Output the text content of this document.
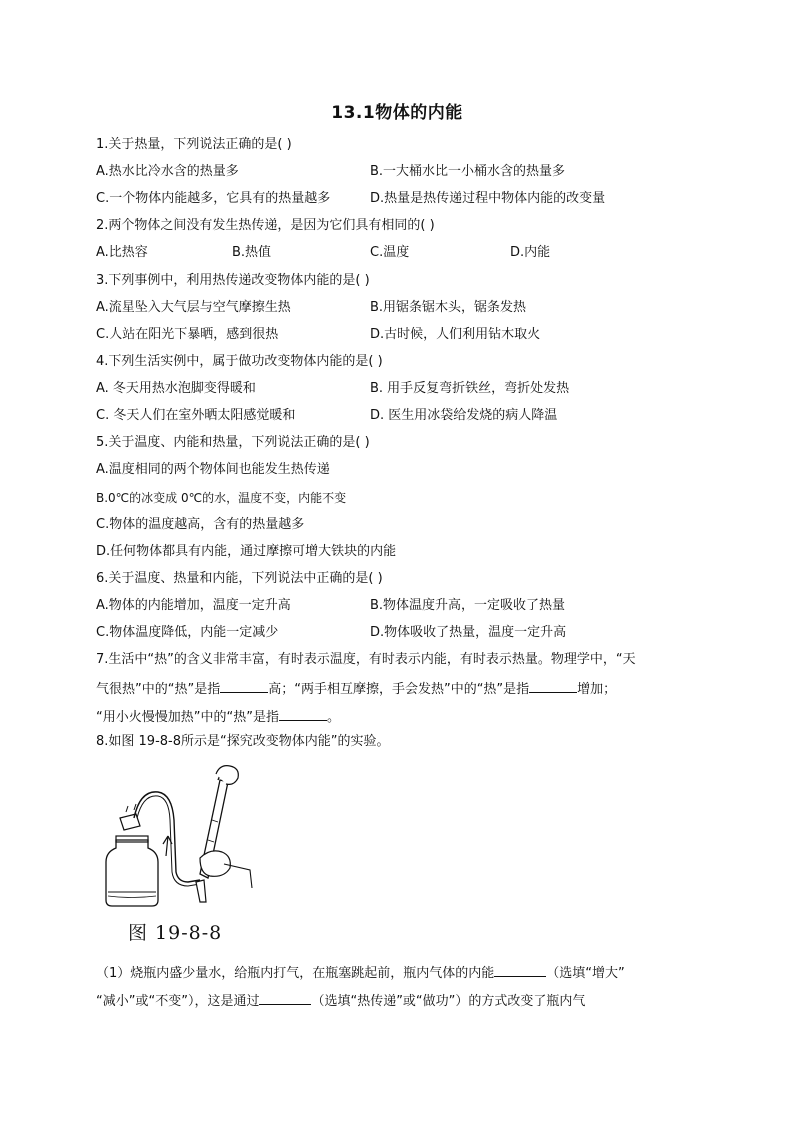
13.1物体的内能
1.关于热量，下列说法正确的是( )
A.热水比冷水含的热量多	B.一大桶水比一小桶水含的热量多
C.一个物体内能越多，它具有的热量越多	D.热量是热传递过程中物体内能的改变量
2.两个物体之间没有发生热传递，是因为它们具有相同的( )
A.比热容	B.热值	C.温度	D.内能
3.下列事例中，利用热传递改变物体内能的是( )
A.流星坠入大气层与空气摩擦生热	B.用锯条锯木头，锯条发热
C.人站在阳光下暴晒，感到很热	D.古时候，人们利用钻木取火
4.下列生活实例中，属于做功改变物体内能的是( )
A. 冬天用热水泡脚变得暖和	B. 用手反复弯折铁丝，弯折处发热
C. 冬天人们在室外晒太阳感觉暖和	D. 医生用冰袋给发烧的病人降温
5.关于温度、内能和热量，下列说法正确的是( )
A.温度相同的两个物体间也能发生热传递
B.0℃的冰变成 0℃的水，温度不变，内能不变
C.物体的温度越高，含有的热量越多
D.任何物体都具有内能，通过摩擦可增大铁块的内能
6.关于温度、热量和内能，下列说法中正确的是( )
A.物体的内能增加，温度一定升高	B.物体温度升高，一定吸收了热量
C.物体温度降低，内能一定减少	D.物体吸收了热量，温度一定升高
7.生活中“热”的含义非常丰富，有时表示温度，有时表示内能，有时表示热量。物理学中，“天
气很热”中的“热”是指	高；“两手相互摩擦，手会发热”中的“热”是指	增加；
“用小火慢慢加热”中的“热”是指	。
8.如图 19-8-8所示是“探究改变物体内能”的实验。
图 19-8-8
（1）烧瓶内盛少量水，给瓶内打气，在瓶塞跳起前，瓶内气体的内能	（选填“增大”
“减小”或“不变”），这是通过	（选填“热传递”或“做功”）的方式改变了瓶内气
